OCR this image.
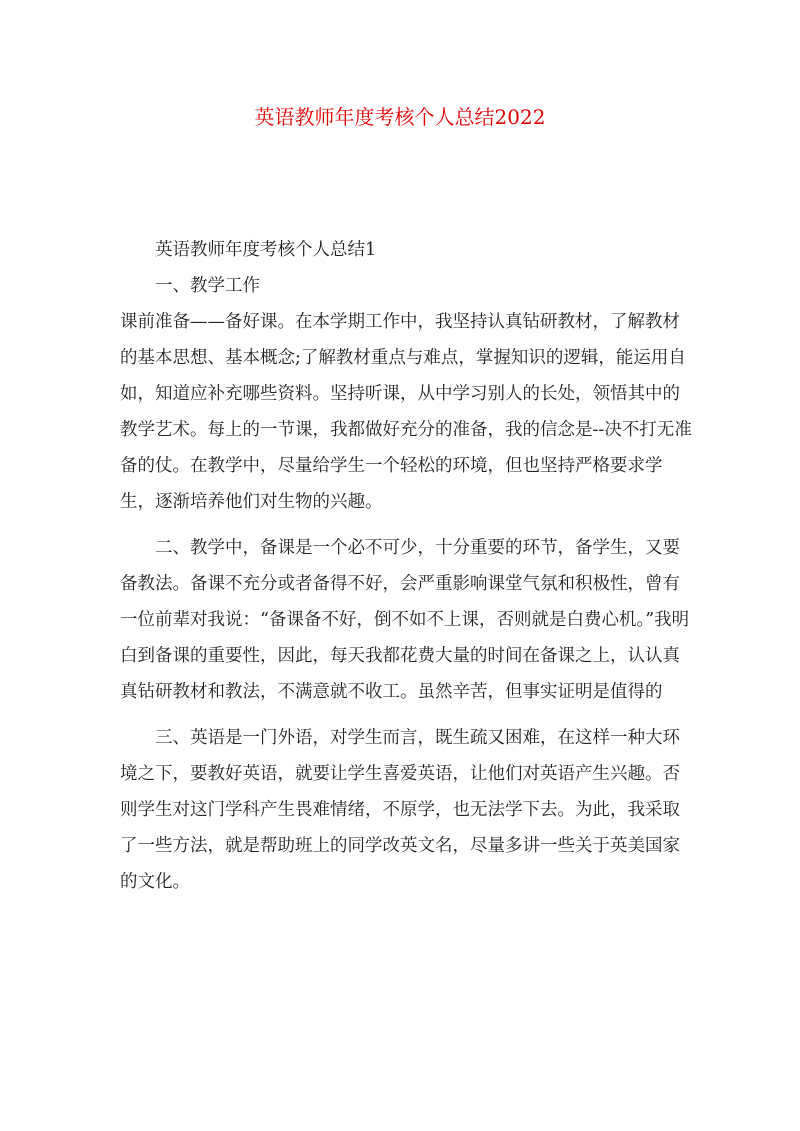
英语教师年度考核个人总结2022

英语教师年度考核个人总结1

一、教学工作

课前准备——备好课。在本学期工作中，我坚持认真钻研教材，了解教材的基本思想、基本概念;了解教材重点与难点，掌握知识的逻辑，能运用自如，知道应补充哪些资料。坚持听课，从中学习别人的长处，领悟其中的教学艺术。每上的一节课，我都做好充分的准备，我的信念是--决不打无准备的仗。在教学中，尽量给学生一个轻松的环境，但也坚持严格要求学生，逐渐培养他们对生物的兴趣。

二、教学中，备课是一个必不可少，十分重要的环节，备学生，又要备教法。备课不充分或者备得不好，会严重影响课堂气氛和积极性，曾有一位前辈对我说：“备课备不好，倒不如不上课，否则就是白费心机。”我明白到备课的重要性，因此，每天我都花费大量的时间在备课之上，认认真真钻研教材和教法，不满意就不收工。虽然辛苦，但事实证明是值得的

三、英语是一门外语，对学生而言，既生疏又困难，在这样一种大环境之下，要教好英语，就要让学生喜爱英语，让他们对英语产生兴趣。否则学生对这门学科产生畏难情绪，不原学，也无法学下去。为此，我采取了一些方法，就是帮助班上的同学改英文名，尽量多讲一些关于英美国家的文化。
